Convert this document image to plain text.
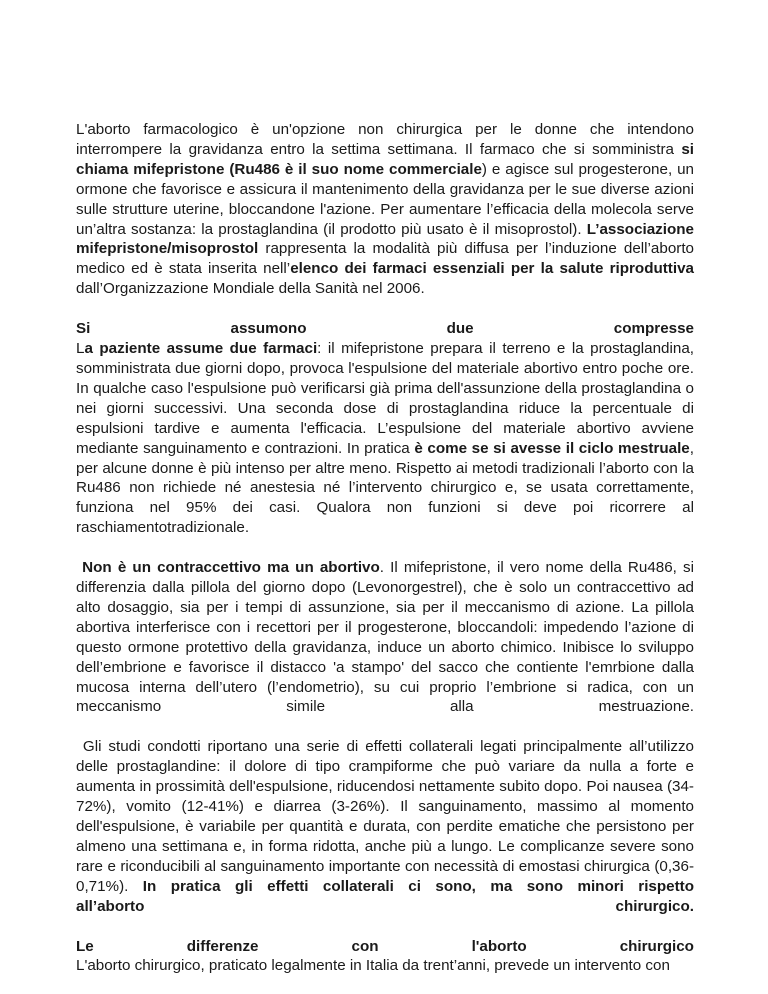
L'aborto farmacologico è un'opzione non chirurgica per le donne che intendono interrompere la gravidanza entro la settima settimana. Il farmaco che si somministra si chiama mifepristone (Ru486 è il suo nome commerciale) e agisce sul progesterone, un ormone che favorisce e assicura il mantenimento della gravidanza per le sue diverse azioni sulle strutture uterine, bloccandone l'azione. Per aumentare l’efficacia della molecola serve un’altra sostanza: la prostaglandina (il prodotto più usato è il misoprostol). L’associazione mifepristone/misoprostol rappresenta la modalità più diffusa per l’induzione dell’aborto medico ed è stata inserita nell’elenco dei farmaci essenziali per la salute riproduttiva dall’Organizzazione Mondiale della Sanità nel 2006.

Si	assumono	due	compresse
La paziente assume due farmaci: il mifepristone prepara il terreno e la prostaglandina, somministrata due giorni dopo, provoca l'espulsione del materiale abortivo entro poche ore. In qualche caso l'espulsione può verificarsi già prima dell'assunzione della prostaglandina o nei giorni successivi. Una seconda dose di prostaglandina riduce la percentuale di espulsioni tardive e aumenta l'efficacia. L’espulsione del materiale abortivo avviene mediante sanguinamento e contrazioni. In pratica è come se si avesse il ciclo mestruale, per alcune donne è più intenso per altre meno. Rispetto ai metodi tradizionali l’aborto con la Ru486 non richiede né anestesia né l’intervento chirurgico e, se usata correttamente, funziona nel 95% dei casi. Qualora non funzioni si deve poi ricorrere al raschiamentotradizionale.
Non è un contraccettivo ma un abortivo. Il mifepristone, il vero nome della Ru486, si differenzia dalla pillola del giorno dopo (Levonorgestrel), che è solo un contraccettivo ad alto dosaggio, sia per i tempi di assunzione, sia per il meccanismo di azione. La pillola abortiva interferisce con i recettori per il progesterone, bloccandoli: impedendo l’azione di questo ormone protettivo della gravidanza, induce un aborto chimico. Inibisce lo sviluppo dell’embrione e favorisce il distacco 'a stampo' del sacco che contiente l'emrbione dalla mucosa interna dell’utero (l’endometrio), su cui proprio l’embrione si radica, con un
meccanismo	simile	alla	mestruazione.
Gli studi condotti riportano una serie di effetti collaterali legati principalmente all’utilizzo delle prostaglandine: il dolore di tipo crampiforme che può variare da nulla a forte e aumenta in prossimità dell'espulsione, riducendosi nettamente subito dopo. Poi nausea (34-72%), vomito (12-41%) e diarrea (3-26%). Il sanguinamento, massimo al momento dell'espulsione, è variabile per quantità e durata, con perdite ematiche che persistono per almeno una settimana e, in forma ridotta, anche più a lungo. Le complicanze severe sono rare e riconducibili al sanguinamento importante con necessità di emostasi chirurgica (0,36-0,71%). In pratica gli effetti collaterali ci sono, ma sono minori rispetto
all’aborto	chirurgico.
Le	differenze	con	l'aborto	chirurgico
L'aborto chirurgico, praticato legalmente in Italia da trent’anni, prevede un intervento con
